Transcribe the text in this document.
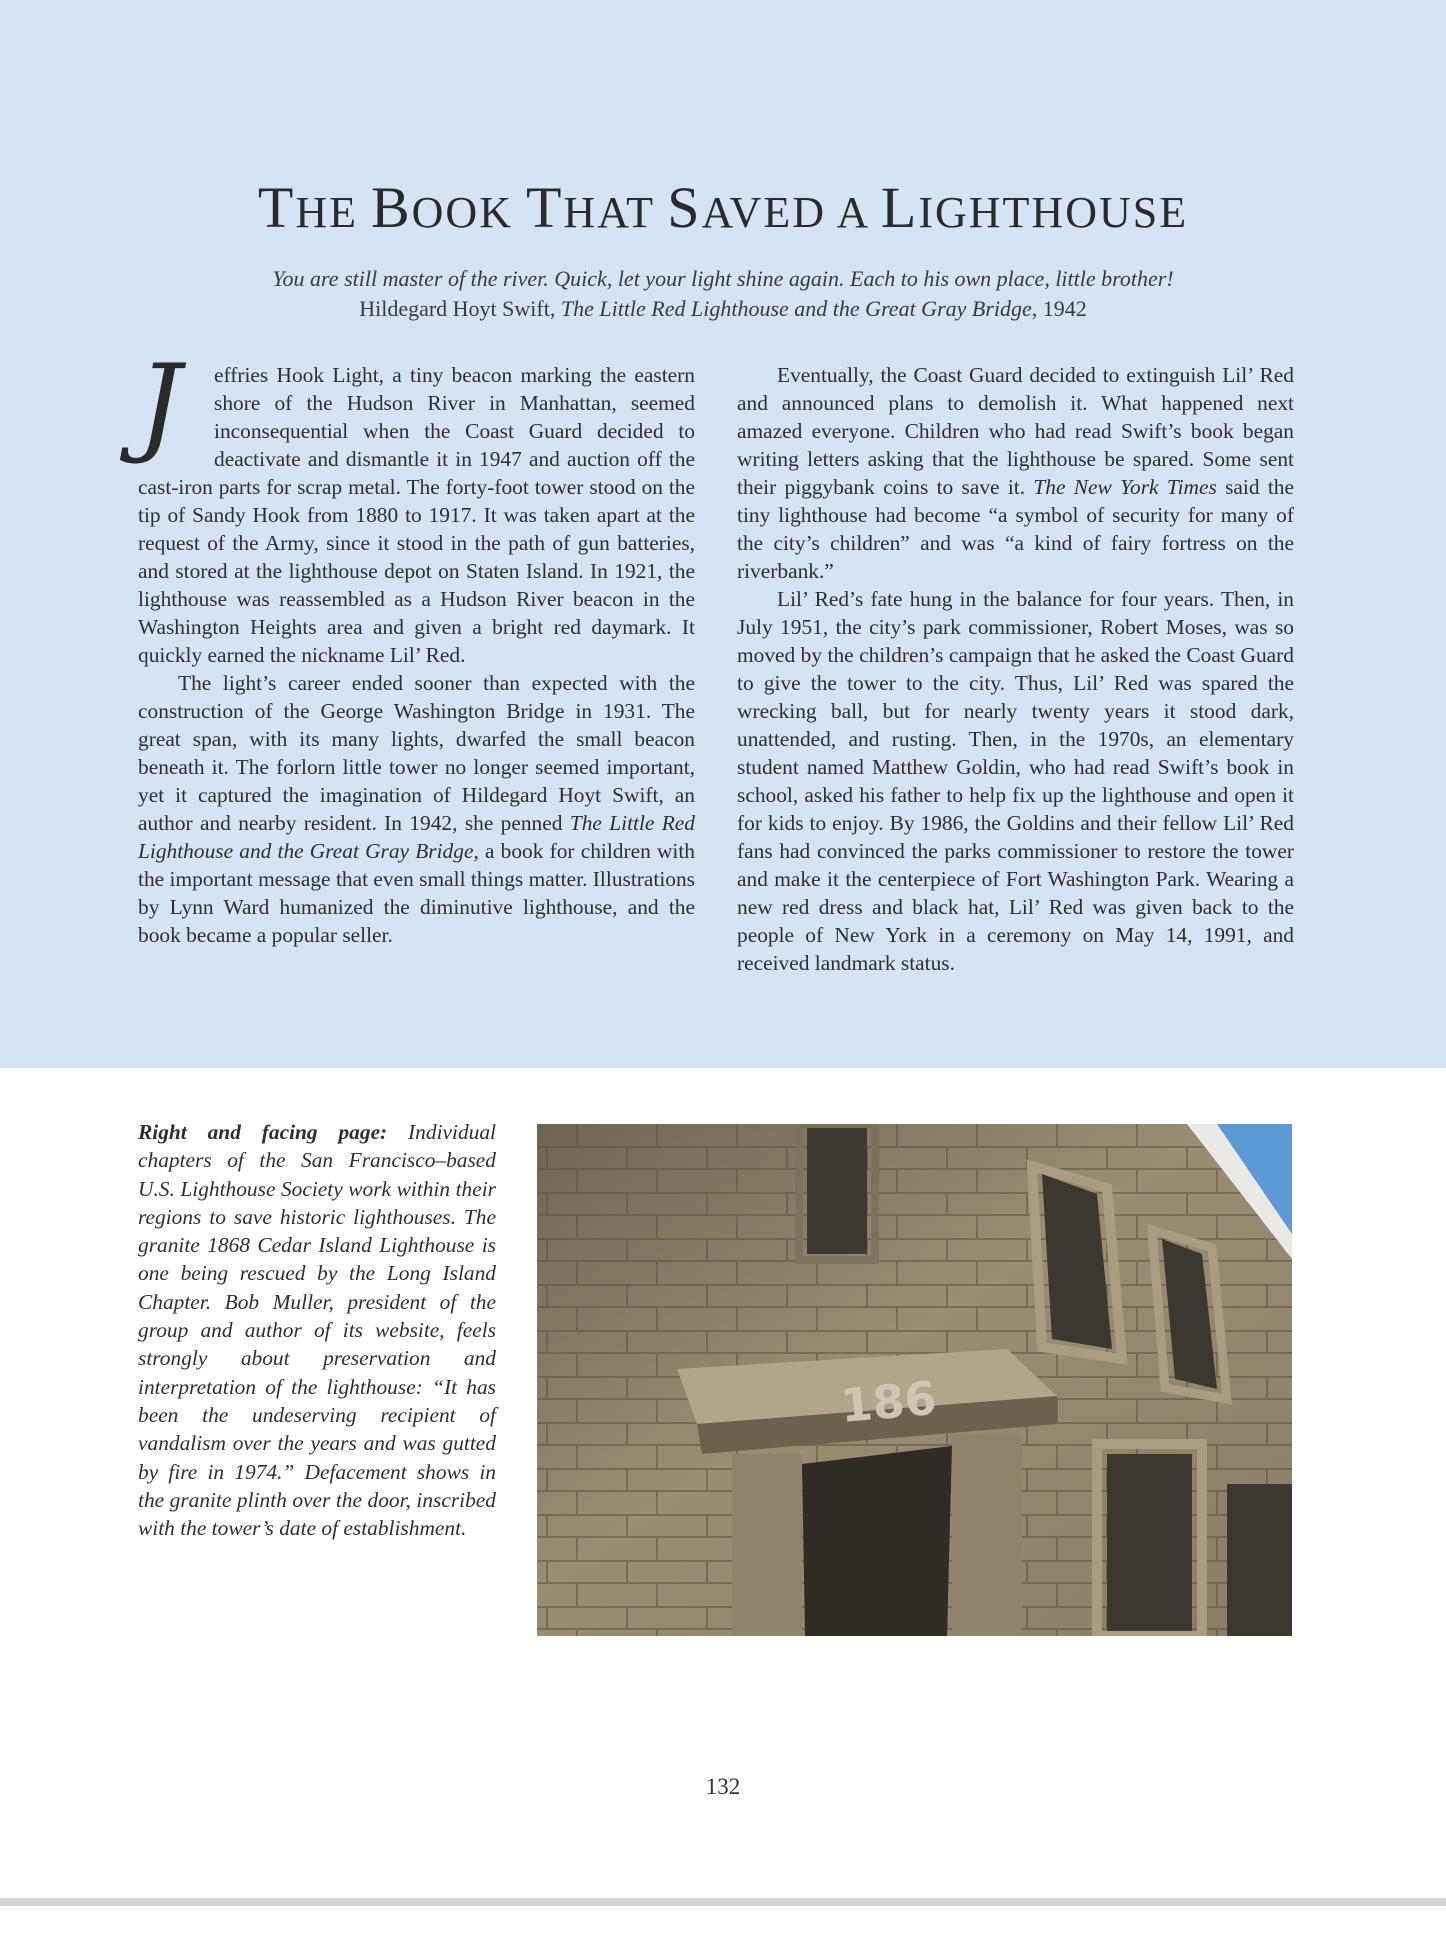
THE BOOK THAT SAVED A LIGHTHOUSE
You are still master of the river. Quick, let your light shine again. Each to his own place, little brother!
Hildegard Hoyt Swift, The Little Red Lighthouse and the Great Gray Bridge, 1942

J	effries Hook Light, a tiny beacon marking the eastern shore of the Hudson River in Manhattan, seemed inconsequential when the Coast Guard decided to deactivate and dismantle it in 1947 and auction off the cast-iron parts for scrap metal. The forty-foot tower stood on the tip of Sandy Hook from 1880 to 1917. It was taken apart at the request of the Army, since it stood in the path of gun batteries, and stored at the lighthouse depot on Staten Island. In 1921, the lighthouse was reassembled as a Hudson River beacon in the Washington Heights area and given a bright red daymark. It quickly earned the nickname Lil’ Red.

The light’s career ended sooner than expected with the construction of the George Washington Bridge in 1931. The great span, with its many lights, dwarfed the small beacon beneath it. The forlorn little tower no longer seemed important, yet it captured the imagination of Hildegard Hoyt Swift, an author and nearby resident. In 1942, she penned The Little Red Lighthouse and the Great Gray Bridge, a book for children with the important message that even small things matter. Illustrations by Lynn Ward humanized the diminutive lighthouse, and the book became a popular seller.

Eventually, the Coast Guard decided to extinguish Lil’ Red and announced plans to demolish it. What happened next amazed everyone. Children who had read Swift’s book began writing letters asking that the lighthouse be spared. Some sent their piggybank coins to save it. The New York Times said the tiny lighthouse had become “a symbol of security for many of the city’s children” and was “a kind of fairy fortress on the riverbank.”

Lil’ Red’s fate hung in the balance for four years. Then, in July 1951, the city’s park commissioner, Robert Moses, was so moved by the children’s campaign that he asked the Coast Guard to give the tower to the city. Thus, Lil’ Red was spared the wrecking ball, but for nearly twenty years it stood dark, unattended, and rusting. Then, in the 1970s, an elementary student named Matthew Goldin, who had read Swift’s book in school, asked his father to help fix up the lighthouse and open it for kids to enjoy. By 1986, the Goldins and their fellow Lil’ Red fans had convinced the parks commissioner to restore the tower and make it the centerpiece of Fort Washington Park. Wearing a new red dress and black hat, Lil’ Red was given back to the people of New York in a ceremony on May 14, 1991, and received landmark status.

Right and facing page: Individual chapters of the San Francisco–based U.S. Lighthouse Society work within their regions to save historic lighthouses. The granite 1868 Cedar Island Lighthouse is one being rescued by the Long Island Chapter. Bob Muller, president of the group and author of its website, feels strongly about preservation and interpretation of the lighthouse: “It has been the undeserving recipient of vandalism over the years and was gutted by fire in 1974.” Defacement shows in the granite plinth over the door, inscribed with the tower’s date of establishment.
186
132
